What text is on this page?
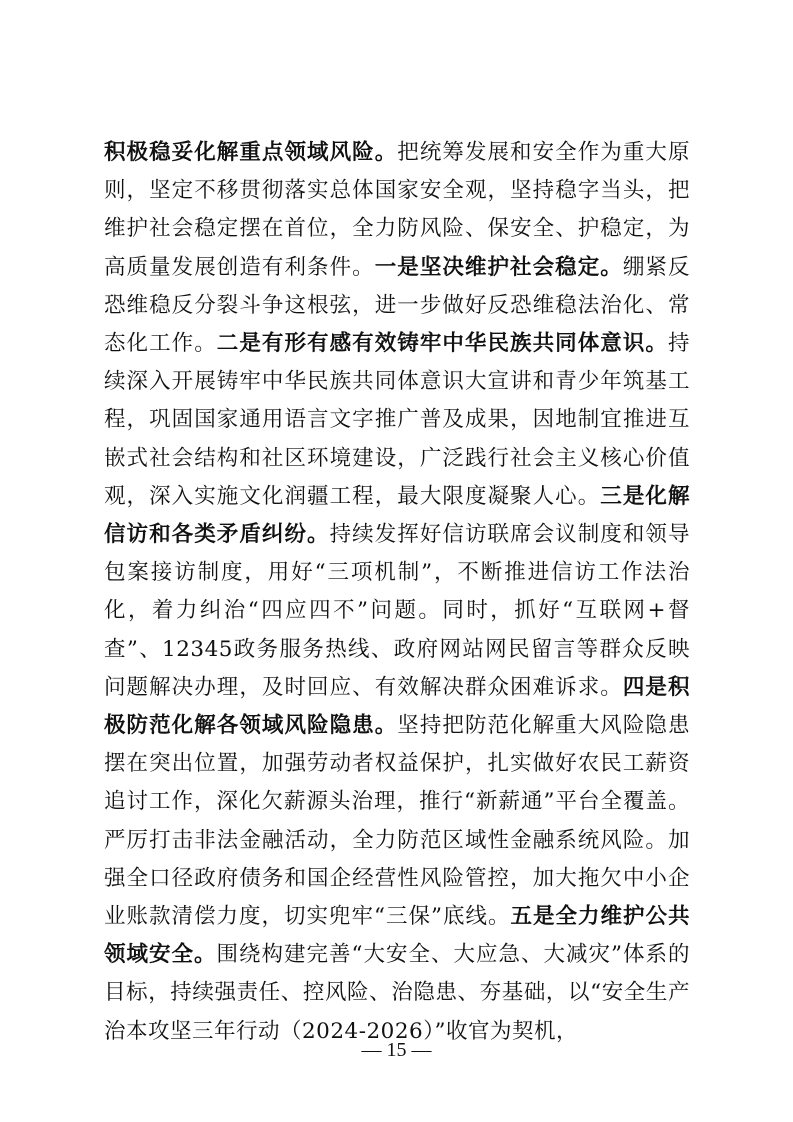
积极稳妥化解重点领域风险。把统筹发展和安全作为重大原则，坚定不移贯彻落实总体国家安全观，坚持稳字当头，把维护社会稳定摆在首位，全力防风险、保安全、护稳定，为高质量发展创造有利条件。一是坚决维护社会稳定。绷紧反恐维稳反分裂斗争这根弦，进一步做好反恐维稳法治化、常态化工作。二是有形有感有效铸牢中华民族共同体意识。持续深入开展铸牢中华民族共同体意识大宣讲和青少年筑基工程，巩固国家通用语言文字推广普及成果，因地制宜推进互嵌式社会结构和社区环境建设，广泛践行社会主义核心价值观，深入实施文化润疆工程，最大限度凝聚人心。三是化解信访和各类矛盾纠纷。持续发挥好信访联席会议制度和领导包案接访制度，用好“三项机制”，不断推进信访工作法治化，着力纠治“四应四不”问题。同时，抓好“互联网+督查”、12345政务服务热线、政府网站网民留言等群众反映问题解决办理，及时回应、有效解决群众困难诉求。四是积极防范化解各领域风险隐患。坚持把防范化解重大风险隐患摆在突出位置，加强劳动者权益保护，扎实做好农民工薪资追讨工作，深化欠薪源头治理，推行“新薪通”平台全覆盖。严厉打击非法金融活动，全力防范区域性金融系统风险。加强全口径政府债务和国企经营性风险管控，加大拖欠中小企业账款清偿力度，切实兜牢“三保”底线。五是全力维护公共领域安全。围绕构建完善“大安全、大应急、大减灾”体系的目标，持续强责任、控风险、治隐患、夯基础，以“安全生产治本攻坚三年行动（2024-2026）”收官为契机，

— 15 —
